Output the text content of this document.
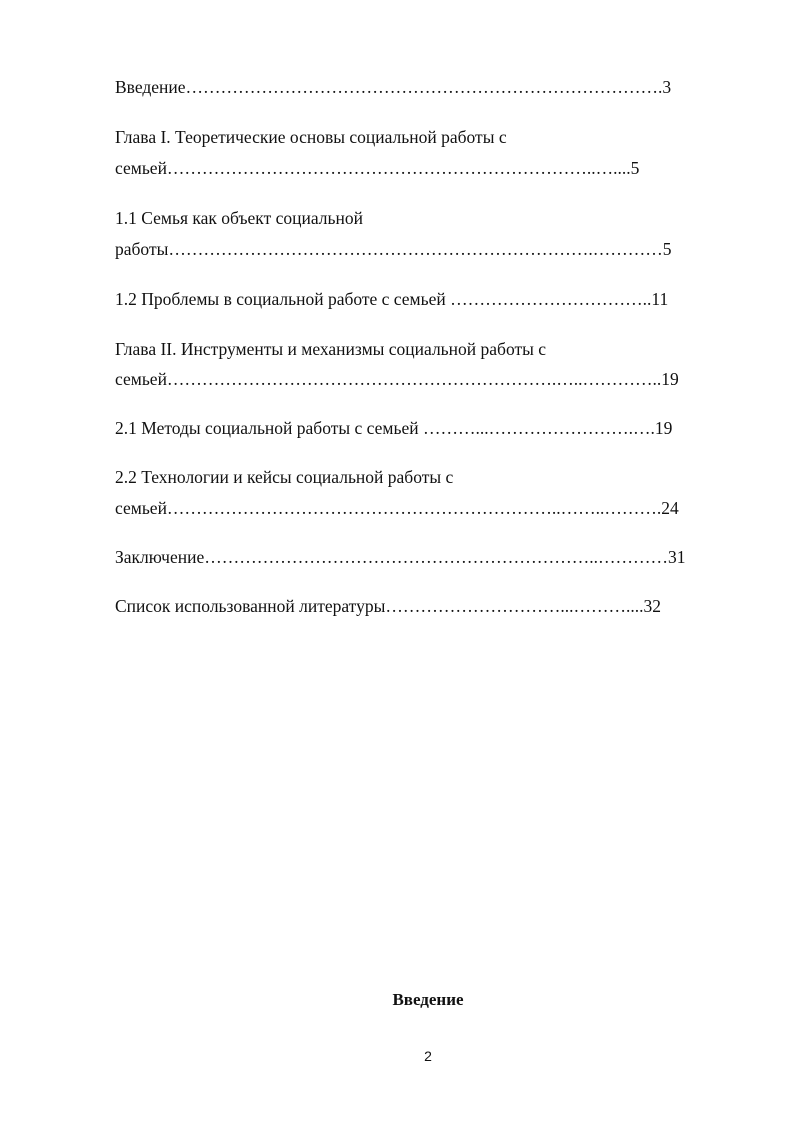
Введение……………………………………………………………………….3
Глава I. Теоретические основы социальной работы с
семьей………………………………………………………………..…....5
1.1 Семья как объект социальной
работы……………………………………………………………….…………5
1.2 Проблемы в социальной работе с семьей ……………………………..11
Глава II. Инструменты и механизмы социальной работы с
семьей………………………………………………………….…..…………..19
2.1 Методы социальной работы с семьей ………...…………………….….19
2.2 Технологии и кейсы социальной работы с
семьей…………………………………………………………..……..……….24
Заключение…………………………………………………………..…………31
Список использованной литературы…………………………...………....32
Введение
2
